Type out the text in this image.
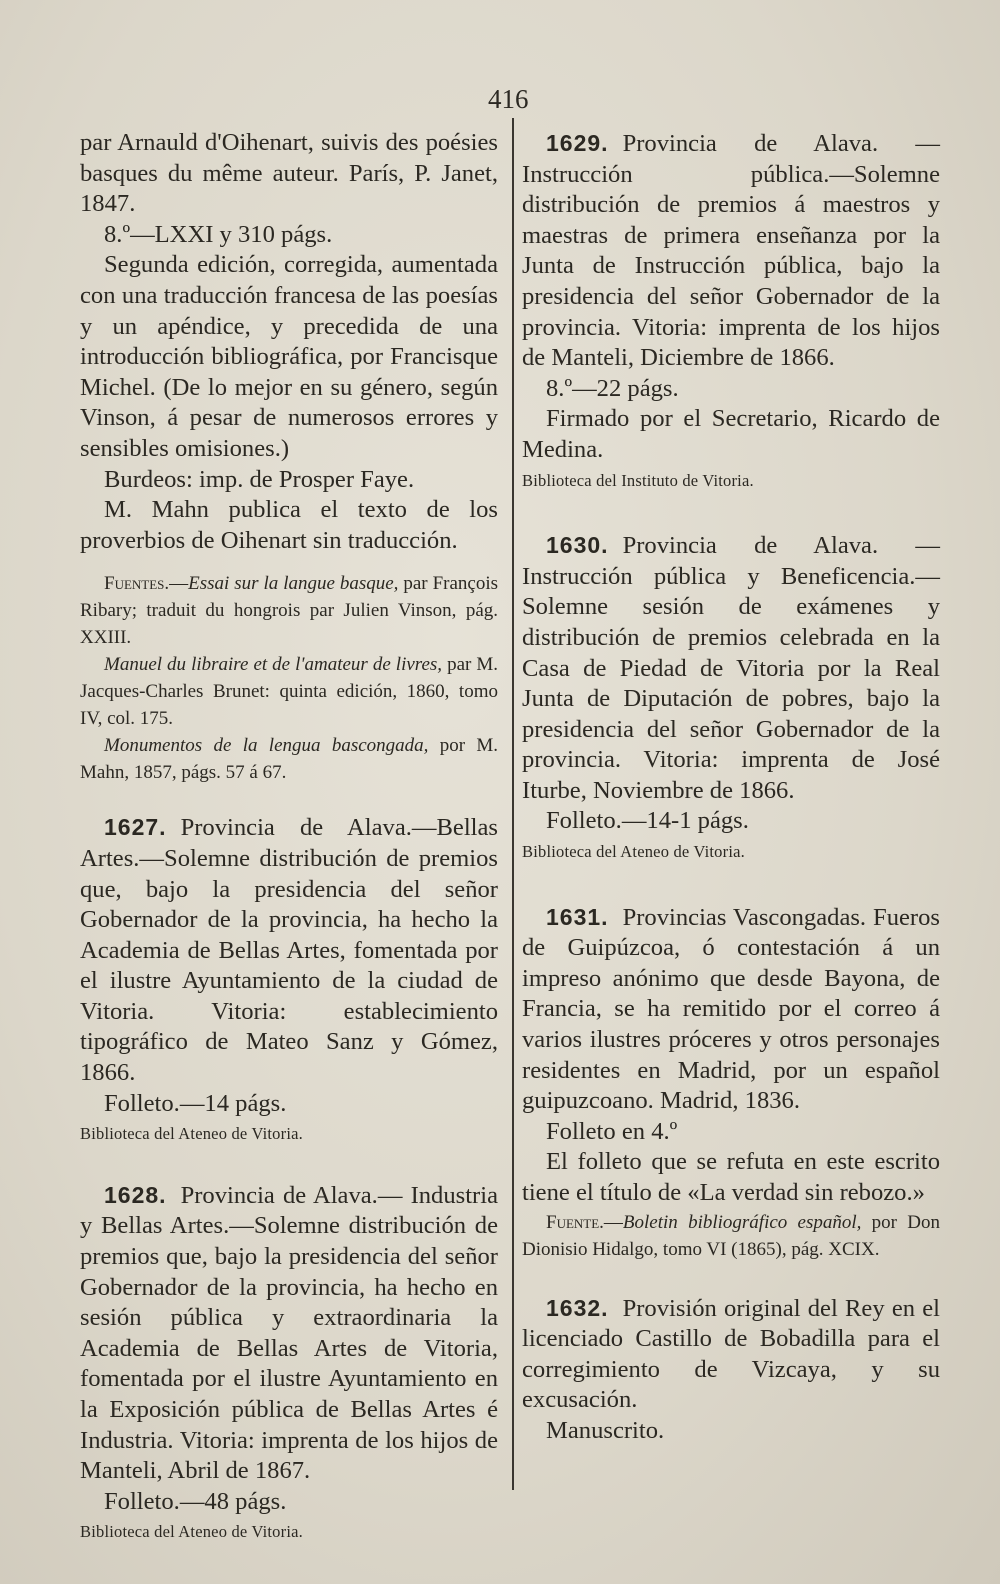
416

par Arnauld d'Oihenart, suivis des poésies basques du même auteur. París, P. Janet, 1847.

8.º—LXXI y 310 págs.

Segunda edición, corregida, aumentada con una traducción francesa de las poesías y un apéndice, y precedida de una introducción bibliográfica, por Francisque Michel. (De lo mejor en su género, según Vinson, á pesar de numerosos errores y sensibles omisiones.)

Burdeos: imp. de Prosper Faye.

M. Mahn publica el texto de los proverbios de Oihenart sin traducción.

Fuentes.—Essai sur la langue basque, par François Ribary; traduit du hongrois par Julien Vinson, pág. XXIII.

Manuel du libraire et de l'amateur de livres, par M. Jacques-Charles Brunet: quinta edición, 1860, tomo IV, col. 175.

Monumentos de la lengua bascongada, por M. Mahn, 1857, págs. 57 á 67.

1627. Provincia de Alava.—Bellas Artes.—Solemne distribución de premios que, bajo la presidencia del señor Gobernador de la provincia, ha hecho la Academia de Bellas Artes, fomentada por el ilustre Ayuntamiento de la ciudad de Vitoria. Vitoria: establecimiento tipográfico de Mateo Sanz y Gómez, 1866.

Folleto.—14 págs.

Biblioteca del Ateneo de Vitoria.

1628. Provincia de Alava.— Industria y Bellas Artes.—Solemne distribución de premios que, bajo la presidencia del señor Gobernador de la provincia, ha hecho en sesión pública y extraordinaria la Academia de Bellas Artes de Vitoria, fomentada por el ilustre Ayuntamiento en la Exposición pública de Bellas Artes é Industria. Vitoria: imprenta de los hijos de Manteli, Abril de 1867.

Folleto.—48 págs.

Biblioteca del Ateneo de Vitoria.

1629. Provincia de Alava. —Instrucción pública.—Solemne distribución de premios á maestros y maestras de primera enseñanza por la Junta de Instrucción pública, bajo la presidencia del señor Gobernador de la provincia. Vitoria: imprenta de los hijos de Manteli, Diciembre de 1866.

8.º—22 págs.

Firmado por el Secretario, Ricardo de Medina.

Biblioteca del Instituto de Vitoria.

1630. Provincia de Alava. — Instrucción pública y Beneficencia.— Solemne sesión de exámenes y distribución de premios celebrada en la Casa de Piedad de Vitoria por la Real Junta de Diputación de pobres, bajo la presidencia del señor Gobernador de la provincia. Vitoria: imprenta de José Iturbe, Noviembre de 1866.

Folleto.—14-1 págs.

Biblioteca del Ateneo de Vitoria.

1631. Provincias Vascongadas. Fueros de Guipúzcoa, ó contestación á un impreso anónimo que desde Bayona, de Francia, se ha remitido por el correo á varios ilustres próceres y otros personajes residentes en Madrid, por un español guipuzcoano. Madrid, 1836.

Folleto en 4.º

El folleto que se refuta en este escrito tiene el título de «La verdad sin rebozo.»

Fuente.—Boletin bibliográfico español, por Don Dionisio Hidalgo, tomo VI (1865), pág. XCIX.

1632. Provisión original del Rey en el licenciado Castillo de Bobadilla para el corregimiento de Vizcaya, y su excusación.

Manuscrito.
